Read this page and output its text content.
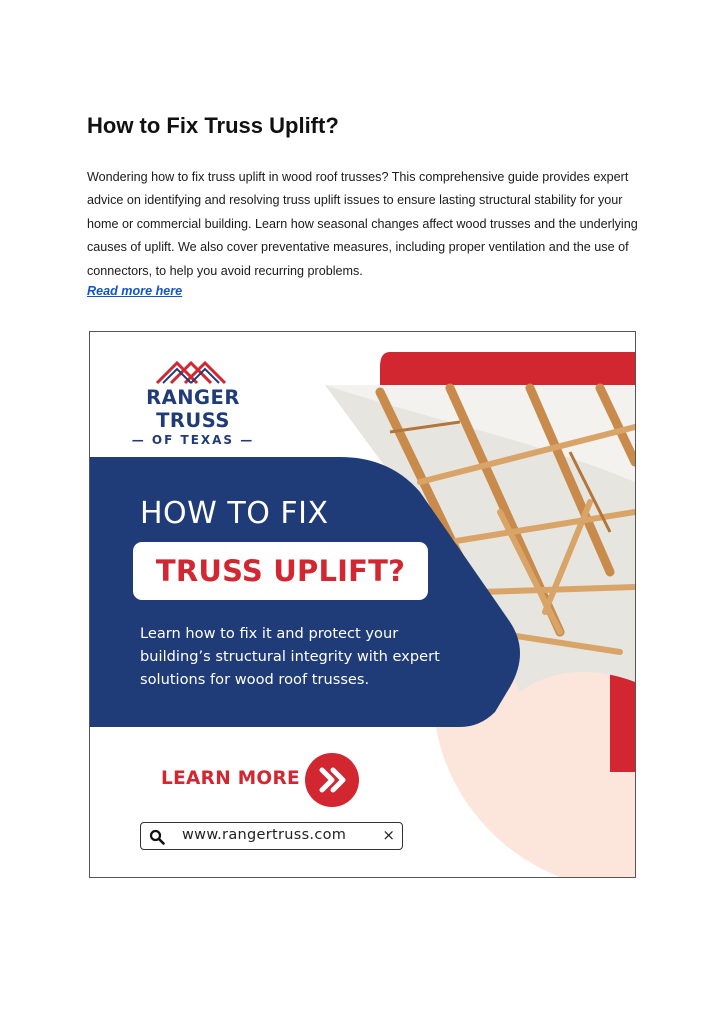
How to Fix Truss Uplift?

Wondering how to fix truss uplift in wood roof trusses? This comprehensive guide provides expert advice on identifying and resolving truss uplift issues to ensure lasting structural stability for your home or commercial building. Learn how seasonal changes affect wood trusses and the underlying causes of uplift. We also cover preventative measures, including proper ventilation and the use of connectors, to help you avoid recurring problems.

Read more here
RANGER TRUSS
— OF TEXAS —
HOW TO FIX
TRUSS UPLIFT?
Learn how to fix it and protect your building’s structural integrity with expert solutions for wood roof trusses.
LEARN MORE
www.rangertruss.com ×
